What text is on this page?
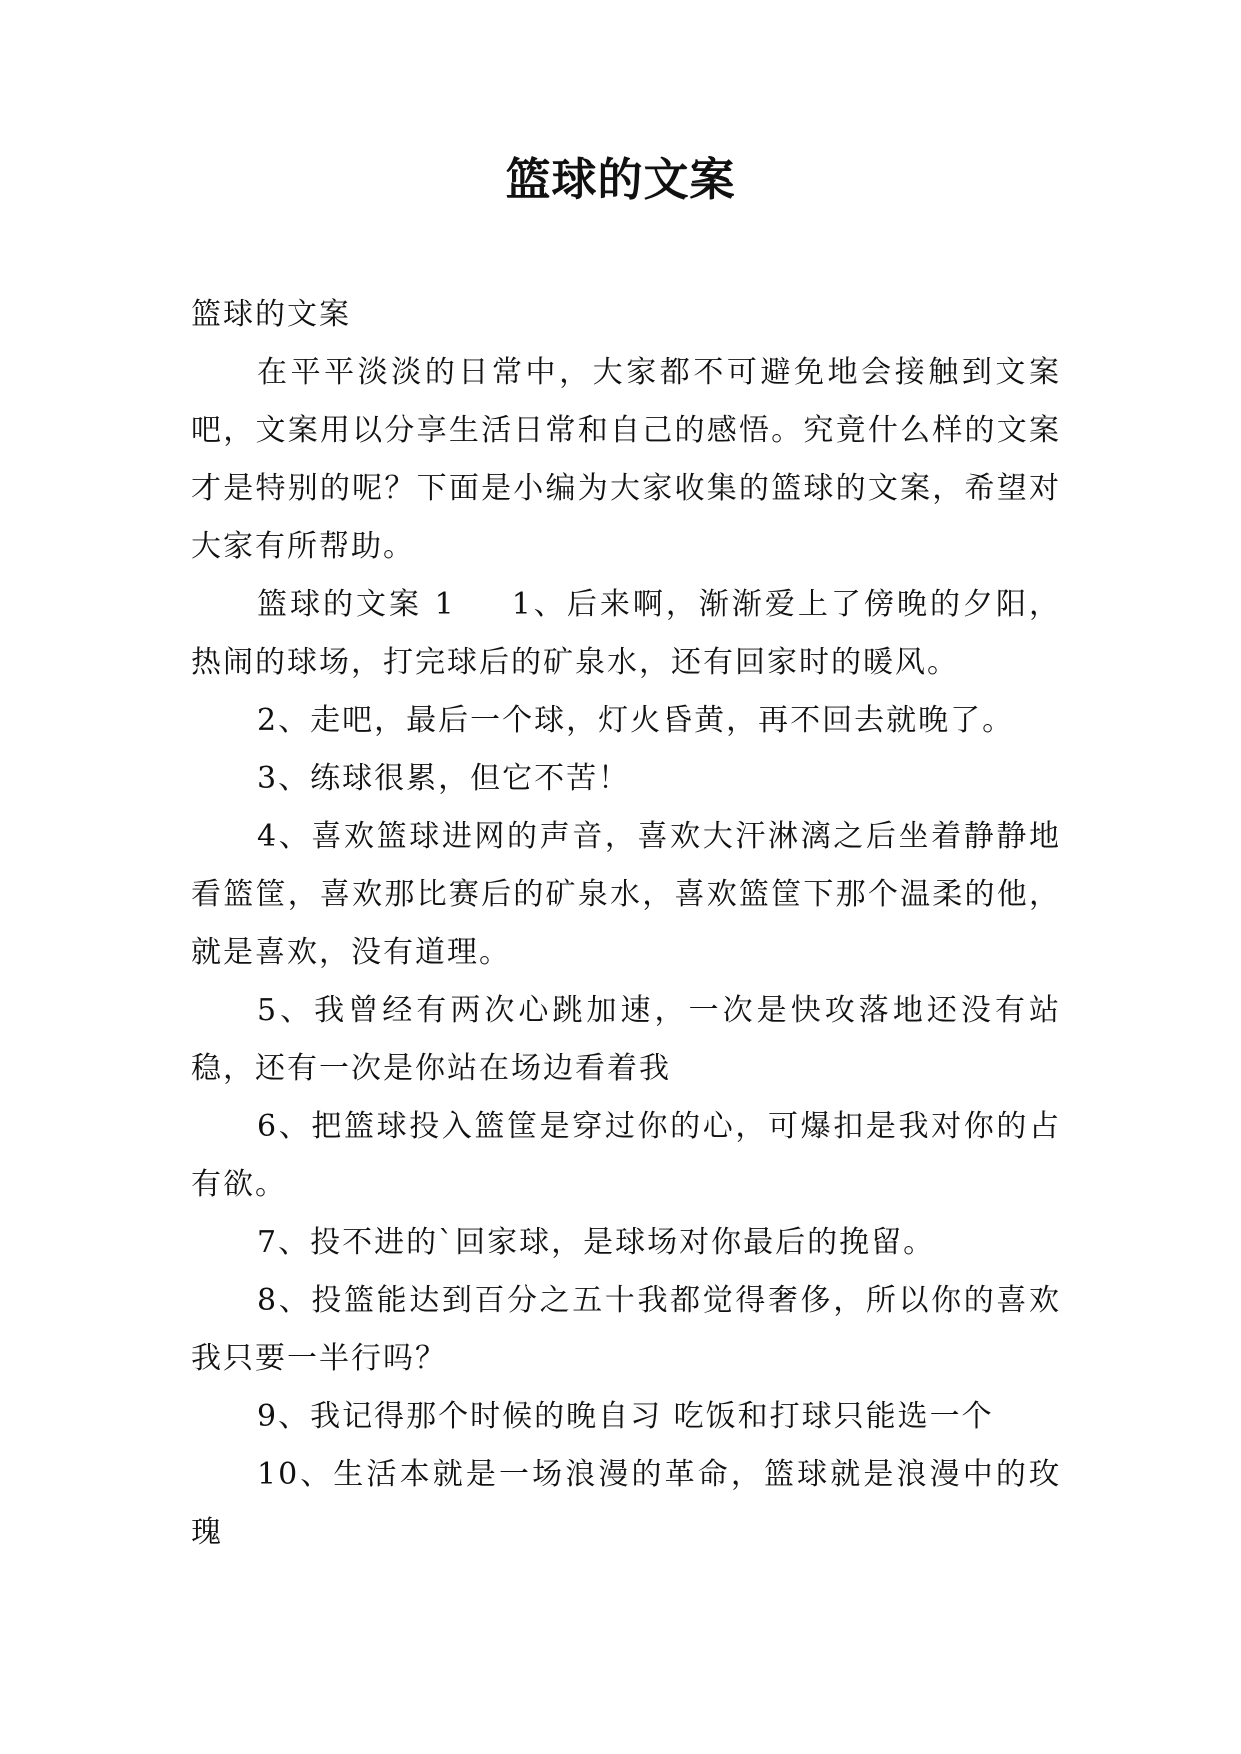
篮球的文案

篮球的文案

在平平淡淡的日常中，大家都不可避免地会接触到文案吧，文案用以分享生活日常和自己的感悟。究竟什么样的文案才是特别的呢？下面是小编为大家收集的篮球的文案，希望对大家有所帮助。

篮球的文案 1 1、后来啊，渐渐爱上了傍晚的夕阳，热闹的球场，打完球后的矿泉水，还有回家时的暖风。

2、走吧，最后一个球，灯火昏黄，再不回去就晚了。

3、练球很累，但它不苦！

4、喜欢篮球进网的声音，喜欢大汗淋漓之后坐着静静地看篮筐，喜欢那比赛后的矿泉水，喜欢篮筐下那个温柔的他，就是喜欢，没有道理。

5、我曾经有两次心跳加速，一次是快攻落地还没有站稳，还有一次是你站在场边看着我

6、把篮球投入篮筐是穿过你的心，可爆扣是我对你的占有欲。

7、投不进的`回家球，是球场对你最后的挽留。

8、投篮能达到百分之五十我都觉得奢侈，所以你的喜欢我只要一半行吗？

9、我记得那个时候的晚自习 吃饭和打球只能选一个

10、生活本就是一场浪漫的革命，篮球就是浪漫中的玫瑰
